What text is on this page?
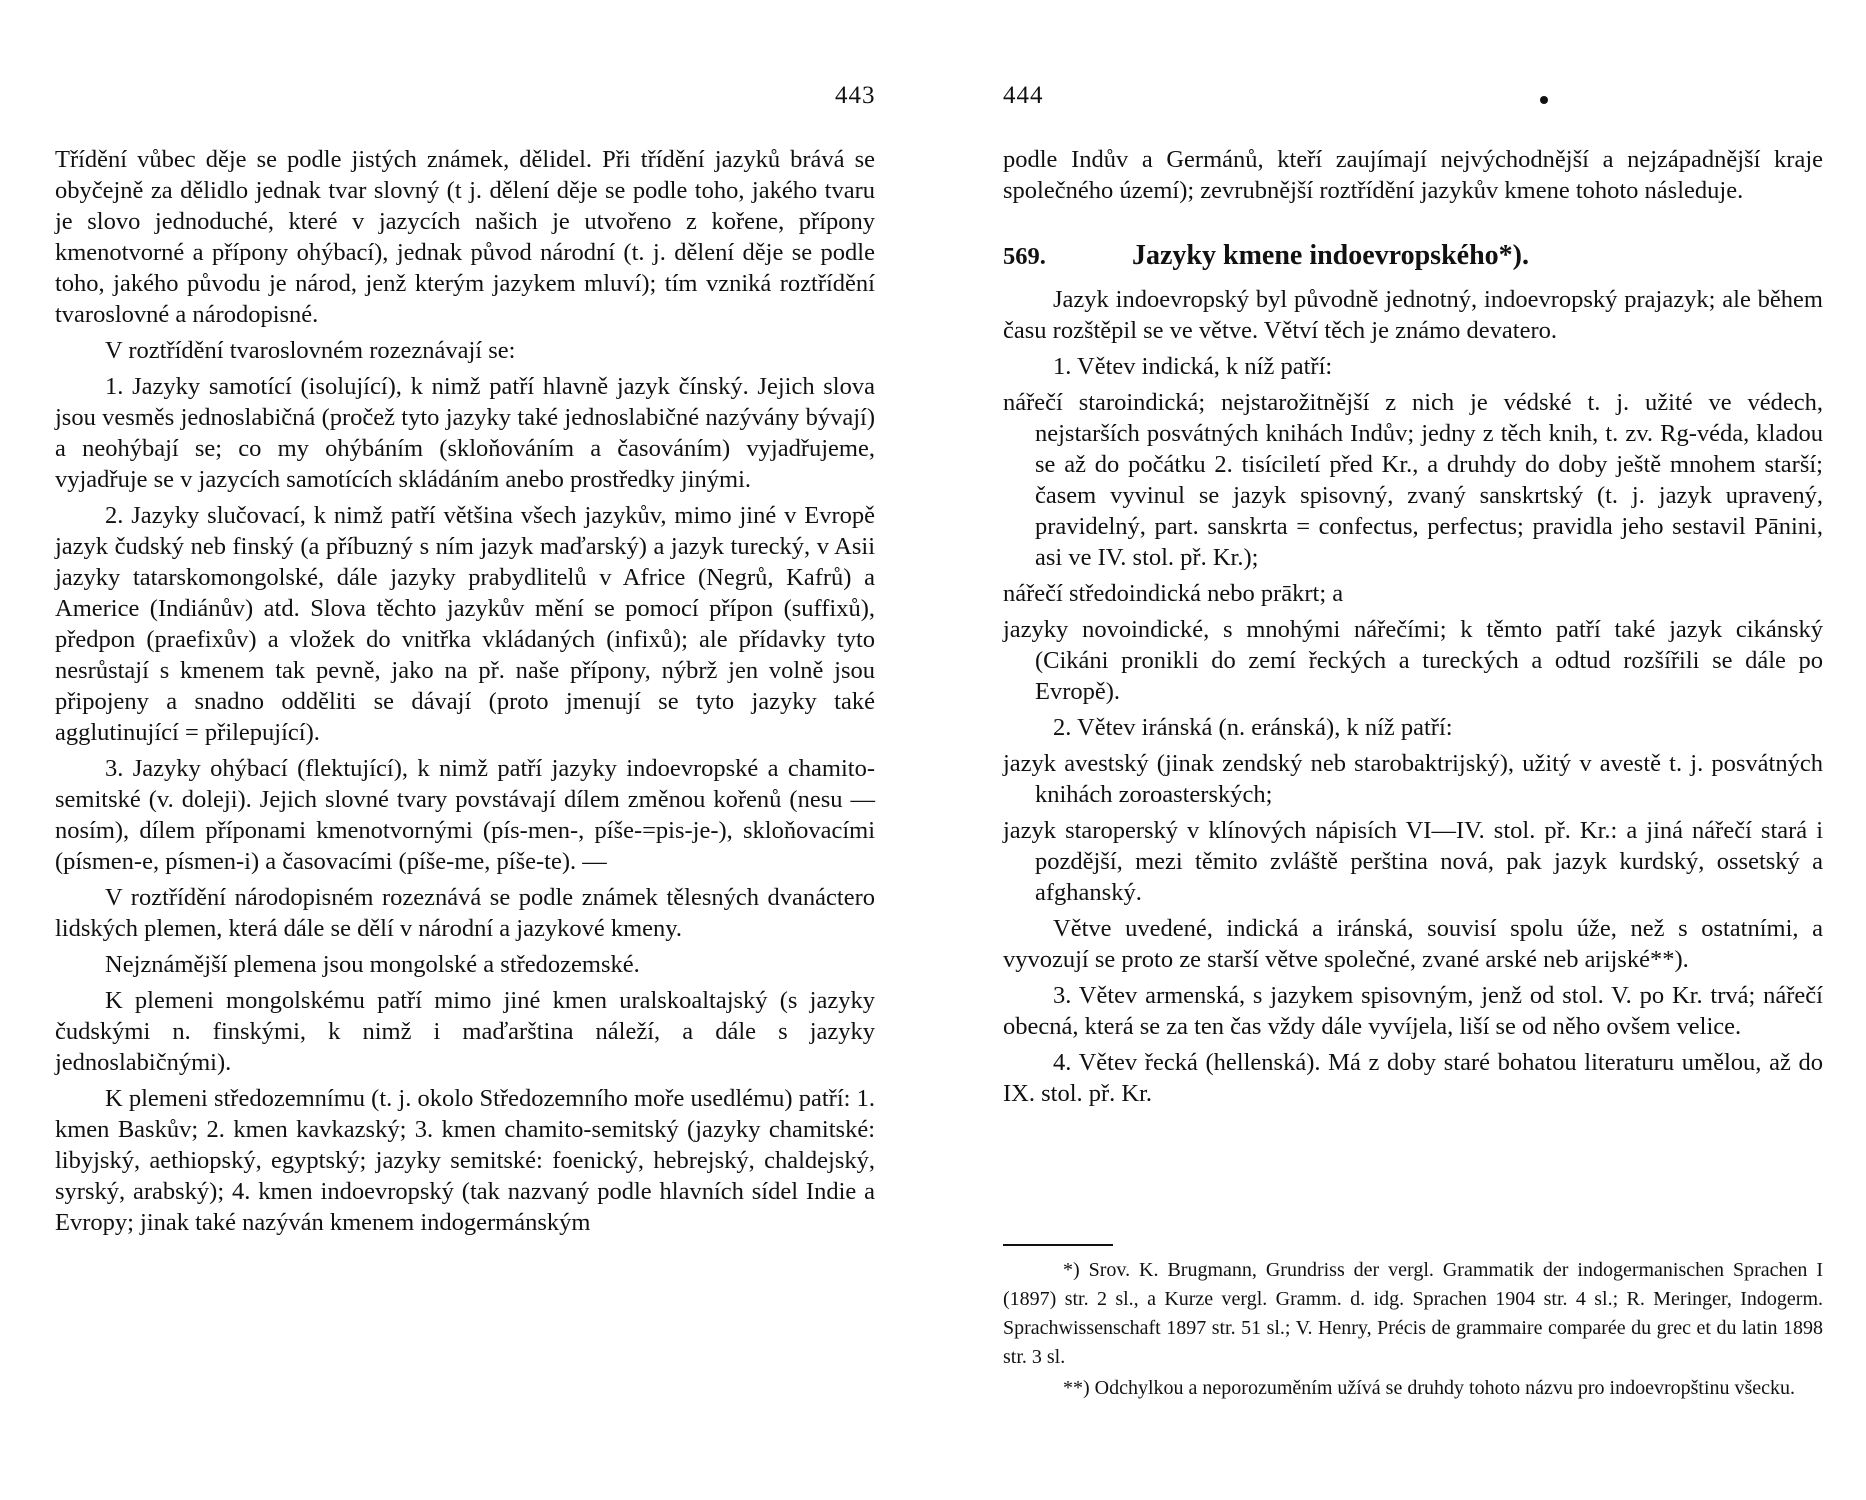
443

Třídění vůbec děje se podle jistých známek, dělidel. Při třídění jazyků brává se obyčejně za dělidlo jednak tvar slovný (t j. dělení děje se podle toho, jakého tvaru je slovo jednoduché, které v jazycích našich je utvořeno z kořene, přípony kmenotvorné a přípony ohýbací), jednak původ národní (t. j. dělení děje se podle toho, jakého původu je národ, jenž kterým jazykem mluví); tím vzniká roztřídění tvaroslovné a národopisné.

V roztřídění tvaroslovném rozeznávají se:

1. Jazyky samotící (isolující), k nimž patří hlavně jazyk čínský. Jejich slova jsou vesměs jednoslabičná (pročež tyto jazyky také jednoslabičné nazývány bývají) a neohýbají se; co my ohýbáním (skloňováním a časováním) vyjadřujeme, vyjadřuje se v jazycích samotících skládáním anebo prostředky jinými.

2. Jazyky slučovací, k nimž patří většina všech jazykův, mimo jiné v Evropě jazyk čudský neb finský (a příbuzný s ním jazyk maďarský) a jazyk turecký, v Asii jazyky tatarskomongolské, dále jazyky prabydlitelů v Africe (Negrů, Kafrů) a Americe (Indiánův) atd. Slova těchto jazykův mění se pomocí přípon (suffixů), předpon (praefixův) a vložek do vnitřka vkládaných (infixů); ale přídavky tyto nesrůstají s kmenem tak pevně, jako na př. naše přípony, nýbrž jen volně jsou připojeny a snadno odděliti se dávají (proto jmenují se tyto jazyky také agglutinující = přilepující).

3. Jazyky ohýbací (flektující), k nimž patří jazyky indoevropské a chamito-semitské (v. doleji). Jejich slovné tvary povstávají dílem změnou kořenů (nesu — nosím), dílem příponami kmenotvornými (pís-men-, píše-=pis-je-), skloňovacími (písmen-e, písmen-i) a časovacími (píše-me, píše-te). —

V roztřídění národopisném rozeznává se podle známek tělesných dvanáctero lidských plemen, která dále se dělí v národní a jazykové kmeny.

Nejznámější plemena jsou mongolské a středozemské.

K plemeni mongolskému patří mimo jiné kmen uralskoaltajský (s jazyky čudskými n. finskými, k nimž i maďarština náleží, a dále s jazyky jednoslabičnými).

K plemeni středozemnímu (t. j. okolo Středozemního moře usedlému) patří: 1. kmen Baskův; 2. kmen kavkazský; 3. kmen chamito-semitský (jazyky chamitské: libyjský, aethiopský, egyptský; jazyky semitské: foenický, hebrejský, chaldejský, syrský, arabský); 4. kmen indoevropský (tak nazvaný podle hlavních sídel Indie a Evropy; jinak také nazýván kmenem indogermánským

444

podle Indův a Germánů, kteří zaujímají nejvýchodnější a nejzápadnější kraje společného území); zevrubnější roztřídění jazykův kmene tohoto následuje.

569.	Jazyky kmene indoevropského*).

Jazyk indoevropský byl původně jednotný, indoevropský prajazyk; ale během času rozštěpil se ve větve. Větví těch je známo devatero.

1. Větev indická, k níž patří:

nářečí staroindická; nejstarožitnější z nich je védské t. j. užité ve védech, nejstarších posvátných knihách Indův; jedny z těch knih, t. zv. Rg-véda, kladou se až do počátku 2. tisíciletí před Kr., a druhdy do doby ještě mnohem starší; časem vyvinul se jazyk spisovný, zvaný sanskrtský (t. j. jazyk upravený, pravidelný, part. sanskrta = confectus, perfectus; pravidla jeho sestavil Pānini, asi ve IV. stol. př. Kr.);

nářečí středoindická nebo prākrt; a

jazyky novoindické, s mnohými nářečími; k těmto patří také jazyk cikánský (Cikáni pronikli do zemí řeckých a tureckých a odtud rozšířili se dále po Evropě).

2. Větev iránská (n. eránská), k níž patří:

jazyk avestský (jinak zendský neb starobaktrijský), užitý v avestě t. j. posvátných knihách zoroasterských;

jazyk staroperský v klínových nápisích VI—IV. stol. př. Kr.: a jiná nářečí stará i pozdější, mezi těmito zvláště perština nová, pak jazyk kurdský, ossetský a afghanský.

Větve uvedené, indická a iránská, souvisí spolu úže, než s ostatními, a vyvozují se proto ze starší větve společné, zvané arské neb arijské**).

3. Větev armenská, s jazykem spisovným, jenž od stol. V. po Kr. trvá; nářečí obecná, která se za ten čas vždy dále vyvíjela, liší se od něho ovšem velice.

4. Větev řecká (hellenská). Má z doby staré bohatou literaturu umělou, až do IX. stol. př. Kr.

*) Srov. K. Brugmann, Grundriss der vergl. Grammatik der indogermanischen Sprachen I (1897) str. 2 sl., a Kurze vergl. Gramm. d. idg. Sprachen 1904 str. 4 sl.; R. Meringer, Indogerm. Sprachwissenschaft 1897 str. 51 sl.; V. Henry, Précis de grammaire comparée du grec et du latin 1898 str. 3 sl.

**) Odchylkou a neporozuměním užívá se druhdy tohoto názvu pro indoevropštinu všecku.
